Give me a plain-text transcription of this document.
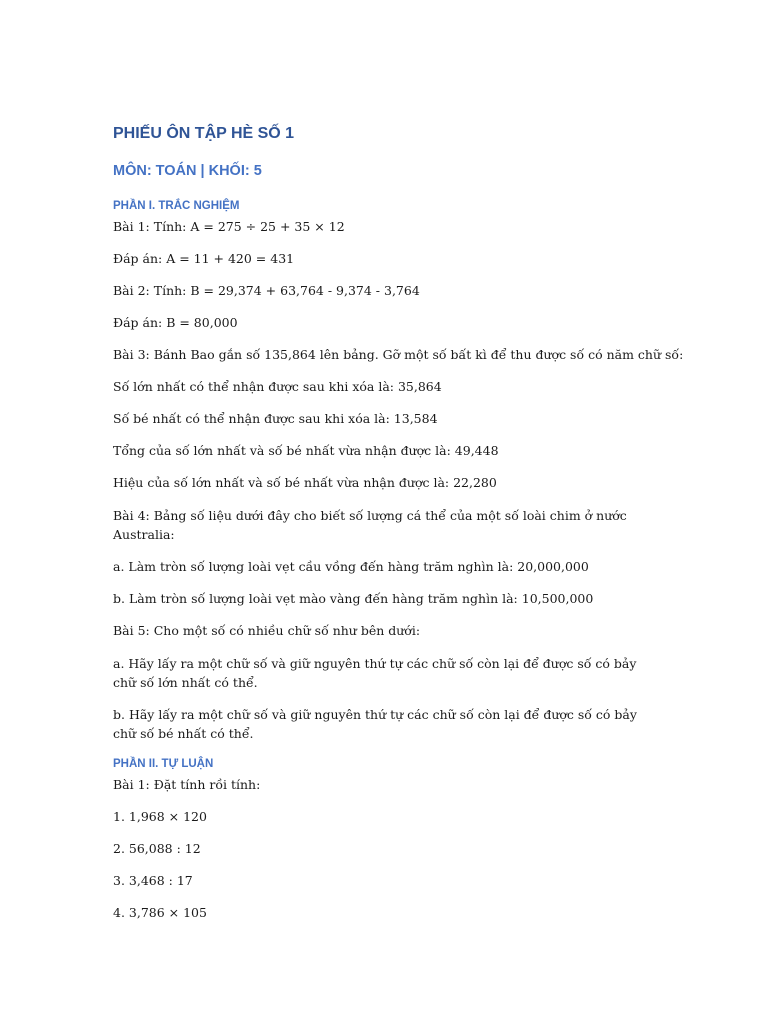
PHIẾU ÔN TẬP HÈ SỐ 1
MÔN: TOÁN | KHỐI: 5
PHẦN I. TRẮC NGHIỆM

Bài 1: Tính: A = 275 ÷ 25 + 35 × 12

Đáp án: A = 11 + 420 = 431

Bài 2: Tính: B = 29,374 + 63,764 - 9,374 - 3,764

Đáp án: B = 80,000

Bài 3: Bánh Bao gắn số 135,864 lên bảng. Gỡ một số bất kì để thu được số có năm chữ số:

Số lớn nhất có thể nhận được sau khi xóa là: 35,864

Số bé nhất có thể nhận được sau khi xóa là: 13,584

Tổng của số lớn nhất và số bé nhất vừa nhận được là: 49,448

Hiệu của số lớn nhất và số bé nhất vừa nhận được là: 22,280

Bài 4: Bảng số liệu dưới đây cho biết số lượng cá thể của một số loài chim ở nước Australia:

a. Làm tròn số lượng loài vẹt cầu vồng đến hàng trăm nghìn là: 20,000,000

b. Làm tròn số lượng loài vẹt mào vàng đến hàng trăm nghìn là: 10,500,000

Bài 5: Cho một số có nhiều chữ số như bên dưới:

a. Hãy lấy ra một chữ số và giữ nguyên thứ tự các chữ số còn lại để được số có bảy chữ số lớn nhất có thể.

b. Hãy lấy ra một chữ số và giữ nguyên thứ tự các chữ số còn lại để được số có bảy chữ số bé nhất có thể.

PHẦN II. TỰ LUẬN

Bài 1: Đặt tính rồi tính:

1. 1,968 × 120

2. 56,088 : 12

3. 3,468 : 17

4. 3,786 × 105
